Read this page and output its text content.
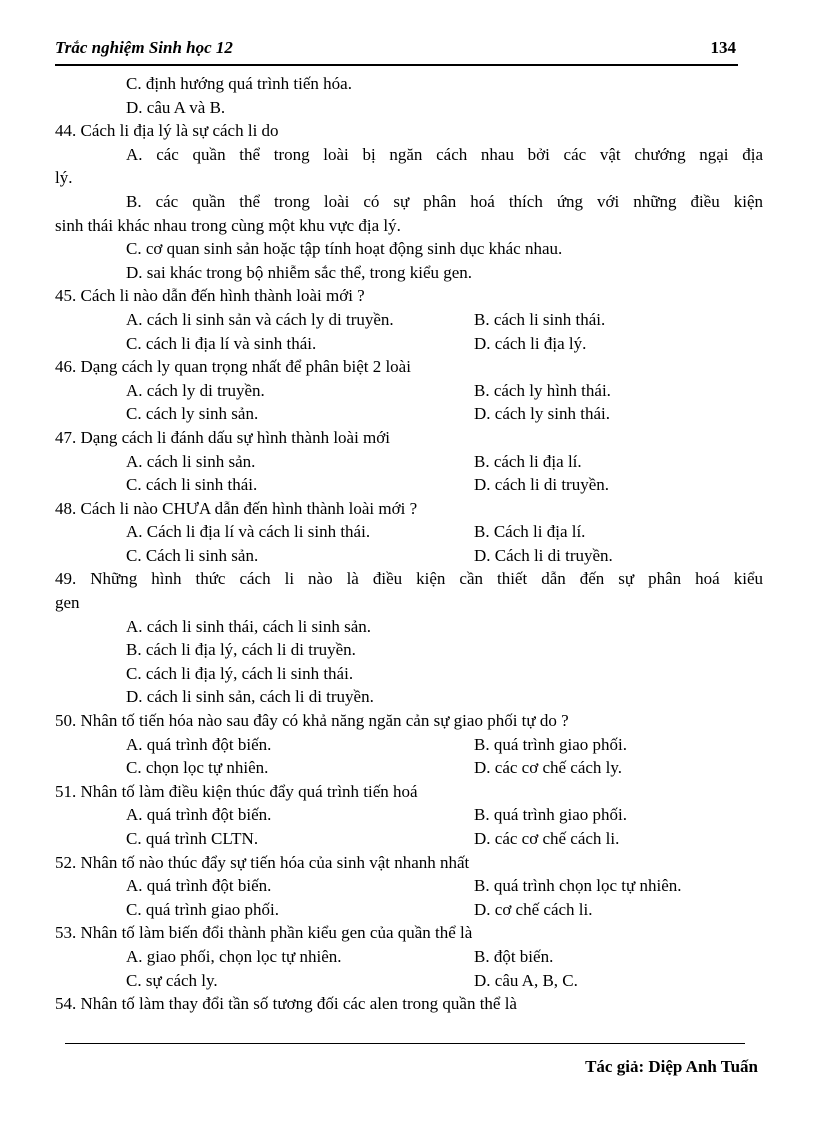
Trắc nghiệm Sinh học 12	134
C. định hướng quá trình tiến hóa.
D. câu A và B.
44. Cách li địa lý là sự cách li do
A. các quần thể trong loài bị ngăn cách nhau bởi các vật chướng ngại địa
lý.
B. các quần thể trong loài có sự phân hoá thích ứng với những điều kiện
sinh thái khác nhau trong cùng một khu vực địa lý.
C. cơ quan sinh sản hoặc tập tính hoạt động sinh dục khác nhau.
D. sai khác trong bộ nhiễm sắc thể, trong kiểu gen.
45. Cách li nào dẫn đến hình thành loài mới ?
A. cách li sinh sản và cách ly di truyền.	B. cách li sinh thái.
C. cách li địa lí và sinh thái.	D. cách li địa lý.
46. Dạng cách ly quan trọng nhất để phân biệt 2 loài
A. cách ly di truyền.	B. cách ly hình thái.
C. cách ly sinh sản.	D. cách ly sinh thái.
47. Dạng cách li đánh dấu sự hình thành loài mới
A. cách li sinh sản.	B. cách li địa lí.
C. cách li sinh thái.	D. cách li di truyền.
48. Cách li nào CHƯA dẫn đến hình thành loài mới ?
A. Cách li địa lí và cách li sinh thái.	B. Cách li địa lí.
C. Cách li sinh sản.	D. Cách li di truyền.
49. Những hình thức cách li nào là điều kiện cần thiết dẫn đến sự phân hoá kiểu
gen
A. cách li sinh thái, cách li sinh sản.
B. cách li địa lý, cách li di truyền.
C. cách li địa lý, cách li sinh thái.
D. cách li sinh sản, cách li di truyền.
50. Nhân tố tiến hóa nào sau đây có khả năng ngăn cản sự giao phối tự do ?
A. quá trình đột biến.	B. quá trình giao phối.
C. chọn lọc tự nhiên.	D. các cơ chế cách ly.
51. Nhân tố làm điều kiện thúc đẩy quá trình tiến hoá
A. quá trình đột biến.	B. quá trình giao phối.
C. quá trình CLTN.	D. các cơ chế cách li.
52. Nhân tố nào thúc đẩy sự tiến hóa của sinh vật nhanh nhất
A. quá trình đột biến.	B. quá trình chọn lọc tự nhiên.
C. quá trình giao phối.	D. cơ chế cách li.
53. Nhân tố làm biến đổi thành phần kiểu gen của quần thể là
A. giao phối, chọn lọc tự nhiên.	B. đột biến.
C. sự cách ly.	D. câu A, B, C.
54. Nhân tố làm thay đổi tần số tương đối các alen trong quần thể là
Tác giả: Diệp Anh Tuấn
